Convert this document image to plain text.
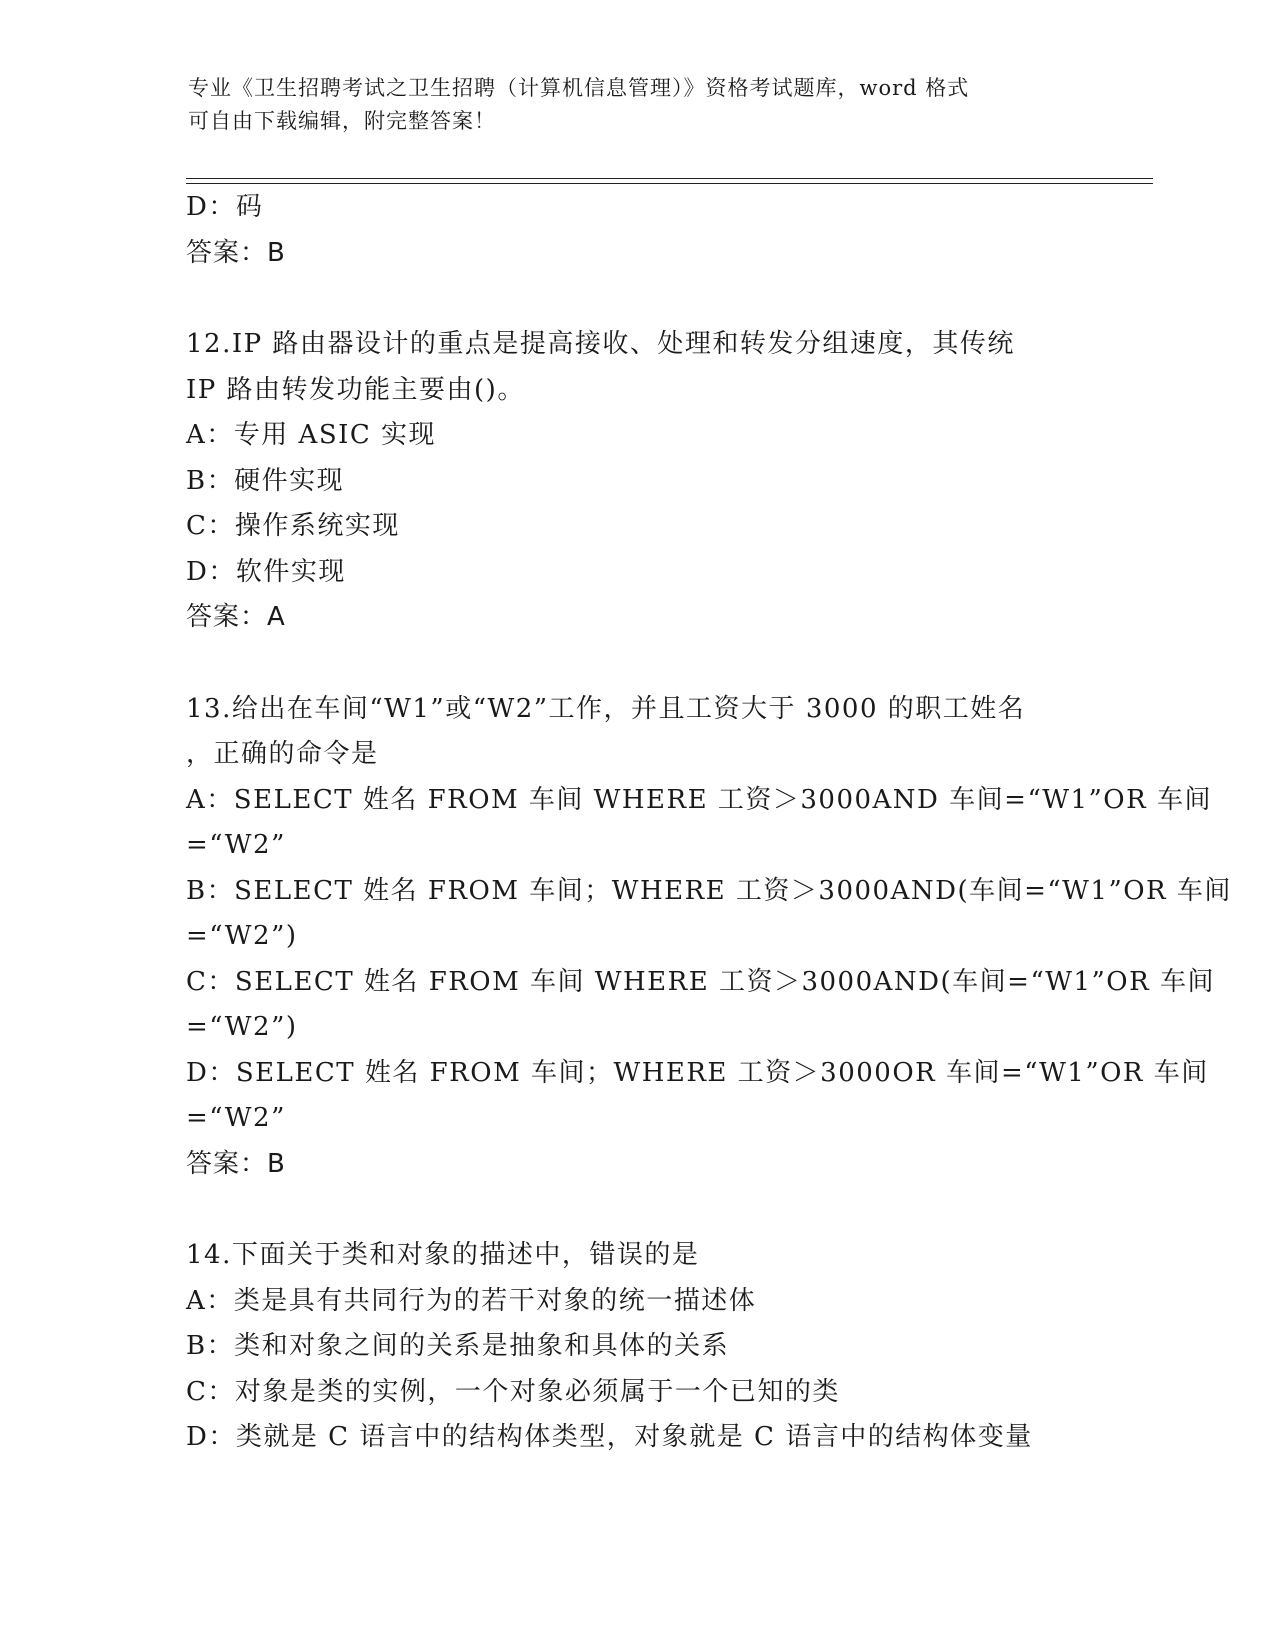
专业《卫生招聘考试之卫生招聘（计算机信息管理）》资格考试题库，word 格式
可自由下载编辑，附完整答案！
D：码
答案：B
12.IP 路由器设计的重点是提高接收、处理和转发分组速度，其传统
IP 路由转发功能主要由()。
A：专用 ASIC 实现
B：硬件实现
C：操作系统实现
D：软件实现
答案：A
13.给出在车间“W1”或“W2”工作，并且工资大于 3000 的职工姓名
，正确的命令是
A：SELECT 姓名 FROM 车间 WHERE 工资＞3000AND 车间=“W1”OR 车间
=“W2”
B：SELECT 姓名 FROM 车间；WHERE 工资＞3000AND(车间=“W1”OR 车间
=“W2”)
C：SELECT 姓名 FROM 车间 WHERE 工资＞3000AND(车间=“W1”OR 车间
=“W2”)
D：SELECT 姓名 FROM 车间；WHERE 工资＞3000OR 车间=“W1”OR 车间
=“W2”
答案：B
14.下面关于类和对象的描述中，错误的是
A：类是具有共同行为的若干对象的统一描述体
B：类和对象之间的关系是抽象和具体的关系
C：对象是类的实例，一个对象必须属于一个已知的类
D：类就是 C 语言中的结构体类型，对象就是 C 语言中的结构体变量
